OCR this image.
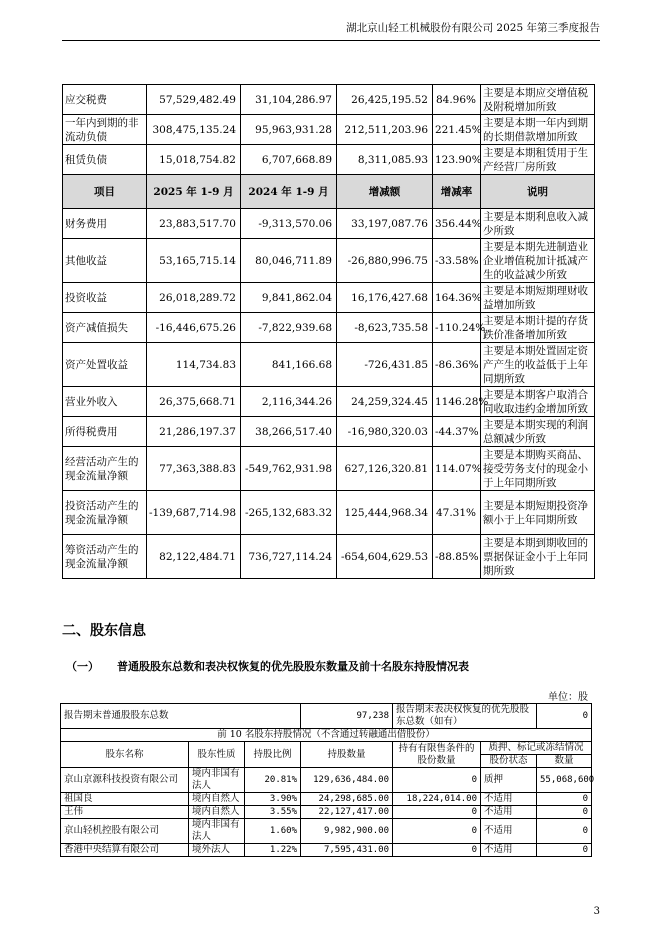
湖北京山轻工机械股份有限公司 2025 年第三季度报告
应交税费	57,529,482.49	31,104,286.97	26,425,195.52	84.96%	主要是本期应交增值税及附税增加所致
一年内到期的非流动负债	308,475,135.24	95,963,931.28	212,511,203.96	221.45%	主要是本期一年内到期的长期借款增加所致
租赁负债	15,018,754.82	6,707,668.89	8,311,085.93	123.90%	主要是本期租赁用于生产经营厂房所致
项目	2025 年 1-9 月	2024 年 1-9 月	增减额	增减率	说明
财务费用	23,883,517.70	-9,313,570.06	33,197,087.76	356.44%	主要是本期利息收入减少所致
其他收益	53,165,715.14	80,046,711.89	-26,880,996.75	-33.58%	主要是本期先进制造业企业增值税加计抵减产生的收益减少所致
投资收益	26,018,289.72	9,841,862.04	16,176,427.68	164.36%	主要是本期短期理财收益增加所致
资产减值损失	-16,446,675.26	-7,822,939.68	-8,623,735.58	-110.24%	主要是本期计提的存货跌价准备增加所致
资产处置收益	114,734.83	841,166.68	-726,431.85	-86.36%	主要是本期处置固定资产产生的收益低于上年同期所致
营业外收入	26,375,668.71	2,116,344.26	24,259,324.45	1146.28%	主要是本期客户取消合同收取违约金增加所致
所得税费用	21,286,197.37	38,266,517.40	-16,980,320.03	-44.37%	主要是本期实现的利润总额减少所致
经营活动产生的现金流量净额	77,363,388.83	-549,762,931.98	627,126,320.81	114.07%	主要是本期购买商品、接受劳务支付的现金小于上年同期所致
投资活动产生的现金流量净额	-139,687,714.98	-265,132,683.32	125,444,968.34	47.31%	主要是本期短期投资净额小于上年同期所致
筹资活动产生的现金流量净额	82,122,484.71	736,727,114.24	-654,604,629.53	-88.85%	主要是本期到期收回的票据保证金小于上年同期所致
二、股东信息
（一） 普通股股东总数和表决权恢复的优先股股东数量及前十名股东持股情况表
单位：股
报告期末普通股股东总数			97,238	报告期末表决权恢复的优先股股东总数（如有）		0
前 10 名股东持股情况（不含通过转融通出借股份）						
股东名称	股东性质	持股比例	持股数量	持有有限售条件的股份数量	质押、标记或冻结情况	
					股份状态	数量
京山京源科技投资有限公司	境内非国有法人	20.81%	129,636,484.00	0	质押	55,068,600
祖国良	境内自然人	3.90%	24,298,685.00	18,224,014.00	不适用	0
王伟	境内自然人	3.55%	22,127,417.00	0	不适用	0
京山轻机控股有限公司	境内非国有法人	1.60%	9,982,900.00	0	不适用	0
香港中央结算有限公司	境外法人	1.22%	7,595,431.00	0	不适用	0
3
